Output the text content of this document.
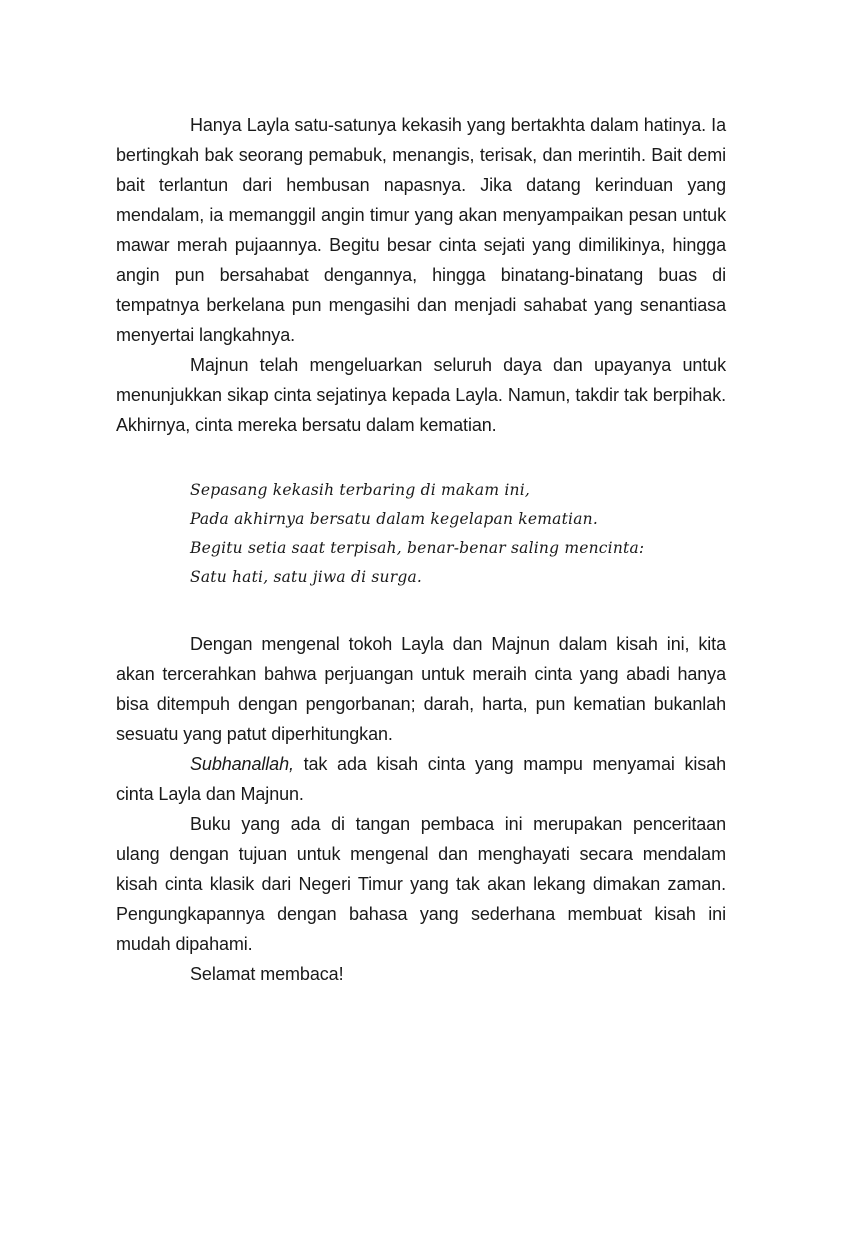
Hanya Layla satu-satunya kekasih yang bertakhta dalam hatinya. Ia bertingkah bak seorang pemabuk, menangis, terisak, dan merintih. Bait demi bait terlantun dari hembusan napasnya. Jika datang kerinduan yang mendalam, ia memanggil angin timur yang akan menyampaikan pesan untuk mawar merah pujaannya. Begitu besar cinta sejati yang dimilikinya, hingga angin pun bersahabat dengannya, hingga binatang-binatang buas di tempatnya berkelana pun mengasihi dan menjadi sahabat yang senantiasa menyertai langkahnya.

Majnun telah mengeluarkan seluruh daya dan upayanya untuk menunjukkan sikap cinta sejatinya kepada Layla. Namun, takdir tak berpihak. Akhirnya, cinta mereka bersatu dalam kematian.

Sepasang kekasih terbaring di makam ini,
Pada akhirnya bersatu dalam kegelapan kematian.
Begitu setia saat terpisah, benar-benar saling mencinta:
Satu hati, satu jiwa di surga.

Dengan mengenal tokoh Layla dan Majnun dalam kisah ini, kita akan tercerahkan bahwa perjuangan untuk meraih cinta yang abadi hanya bisa ditempuh dengan pengorbanan; darah, harta, pun kematian bukanlah sesuatu yang patut diperhitungkan.

Subhanallah, tak ada kisah cinta yang mampu menyamai kisah cinta Layla dan Majnun.

Buku yang ada di tangan pembaca ini merupakan penceritaan ulang dengan tujuan untuk mengenal dan menghayati secara mendalam kisah cinta klasik dari Negeri Timur yang tak akan lekang dimakan zaman. Pengungkapannya dengan bahasa yang sederhana membuat kisah ini mudah dipahami.

Selamat membaca!
